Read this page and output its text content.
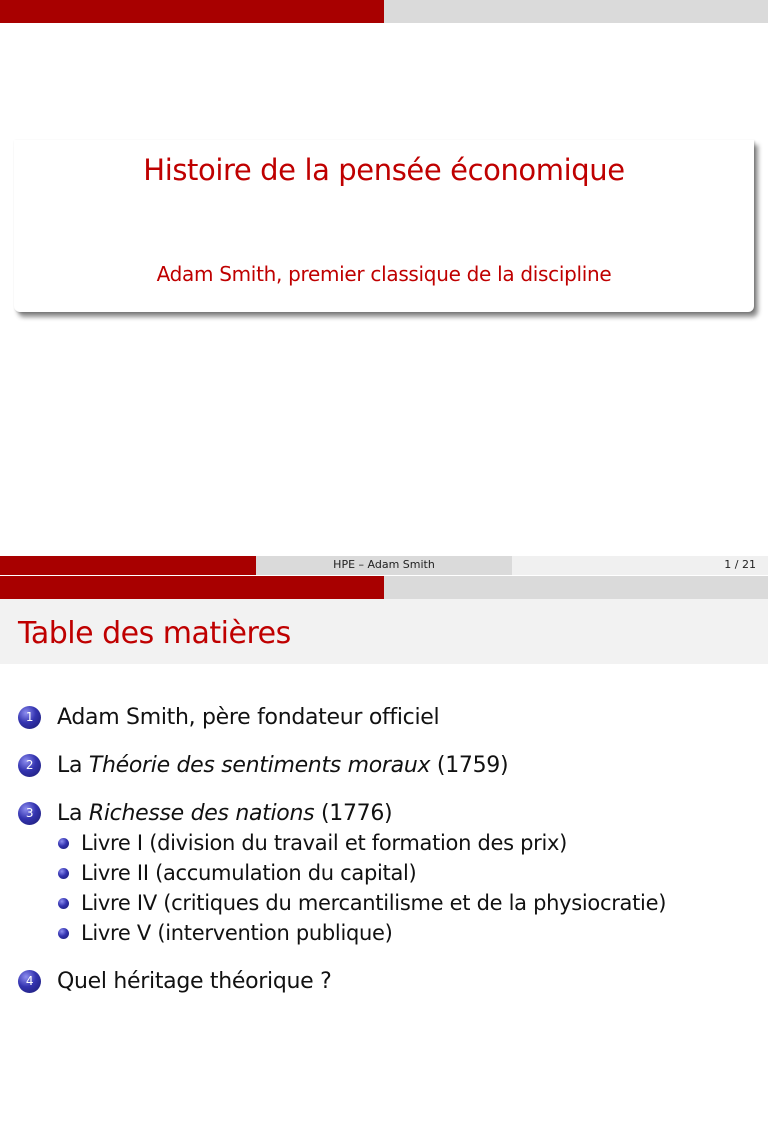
Histoire de la pensée économique
Adam Smith, premier classique de la discipline
HPE – Adam Smith	1 / 21
Table des matières
1	Adam Smith, père fondateur officiel
2	La Théorie des sentiments moraux (1759)
3	La Richesse des nations (1776)
Livre I (division du travail et formation des prix)
Livre II (accumulation du capital)
Livre IV (critiques du mercantilisme et de la physiocratie)
Livre V (intervention publique)
4	Quel héritage théorique ?
